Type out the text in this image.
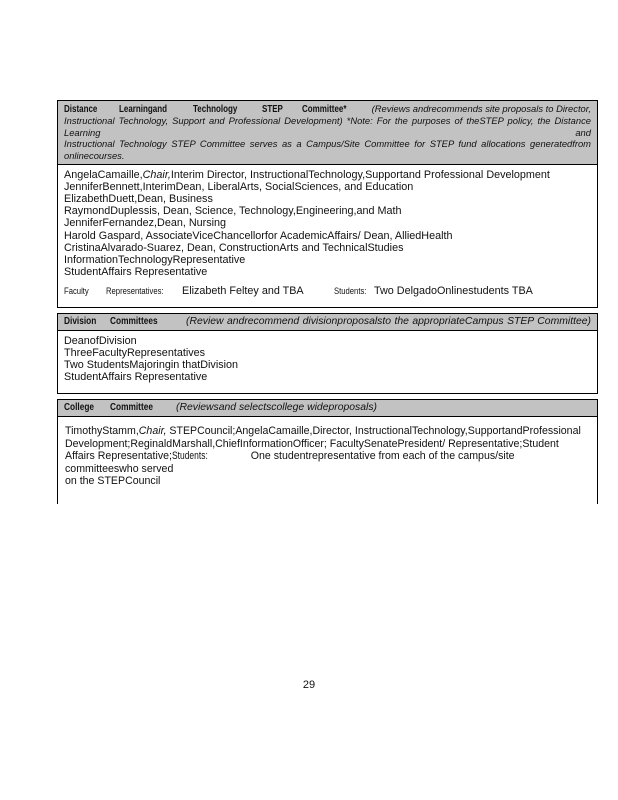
Distance Learningand	Technology STEP Committee*	(Reviews andrecommends site proposals to Director,
Instructional Technology, Support and Professional Development) *Note: For the purposes of theSTEP policy, the Distance Learning and
Instructional Technology STEP Committee serves as a Campus/Site Committee for STEP fund allocations generatedfrom onlinecourses.
AngelaCamaille,Chair,Interim Director, InstructionalTechnology,Supportand Professional Development
JenniferBennett,InterimDean, LiberalArts, SocialSciences, and Education
ElizabethDuett,Dean, Business
RaymondDuplessis, Dean, Science, Technology,Engineering,and Math
JenniferFernandez,Dean, Nursing
Harold Gaspard, AssociateViceChancellorfor AcademicAffairs/ Dean, AlliedHealth
CristinaAlvarado-Suarez, Dean, ConstructionArts and TechnicalStudies
InformationTechnologyRepresentative
StudentAffairs Representative
Faculty Representatives: Elizabeth Feltey and TBA	Students: Two DelgadoOnlinestudents TBA
Division	Committees	(Review andrecommend divisionproposalsto the appropriateCampus STEP Committee)
DeanofDivision
ThreeFacultyRepresentatives
Two StudentsMajoringin thatDivision
StudentAffairs Representative
College	Committee	(Reviewsand selectscollege wideproposals)
TimothyStamm,Chair, STEPCouncil;AngelaCamaille,Director, InstructionalTechnology,SupportandProfessional
Development;ReginaldMarshall,ChiefInformationOfficer; FacultySenatePresident/ Representative;Student
Affairs Representative;Students:	One studentrepresentative from each of the campus/site committeeswho served
on the STEPCouncil
29
